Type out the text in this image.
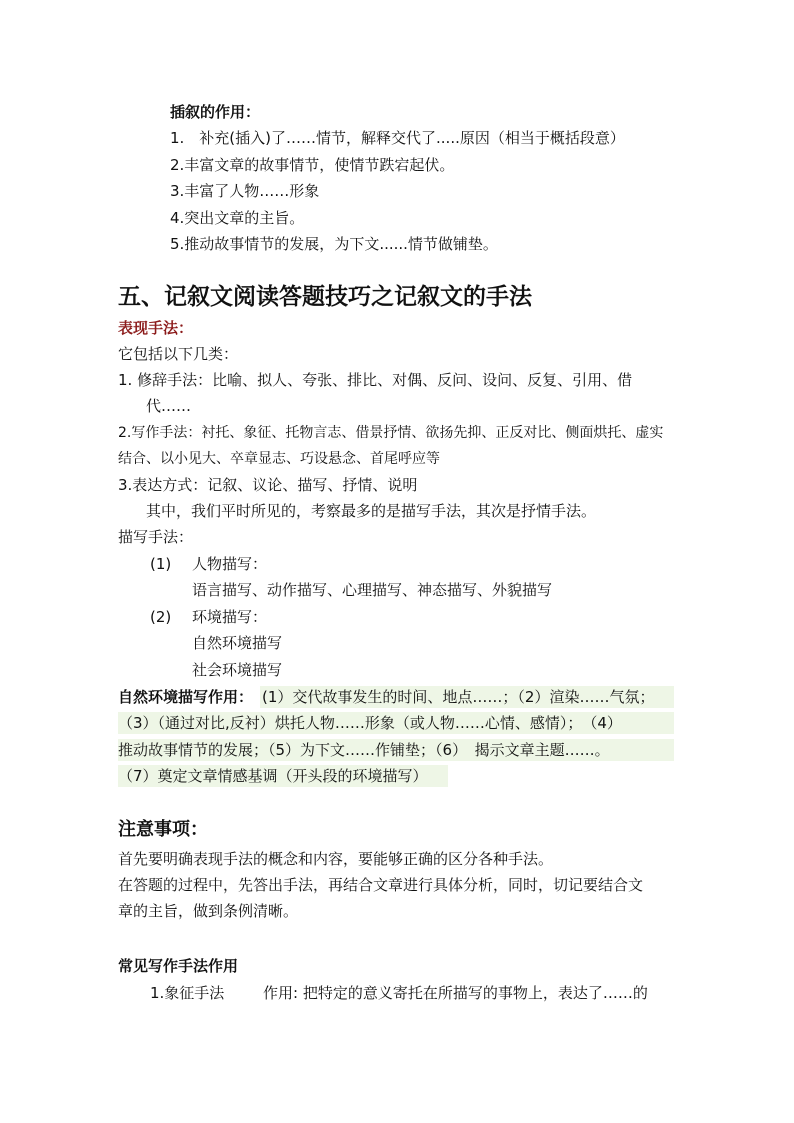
插叙的作用：
1.　补充(插入)了……情节，解释交代了.....原因（相当于概括段意）
2.丰富文章的故事情节，使情节跌宕起伏。
3.丰富了人物……形象
4.突出文章的主旨。
5.推动故事情节的发展，为下文......情节做铺垫。
五、记叙文阅读答题技巧之记叙文的手法
表现手法：
它包括以下几类：
1. 修辞手法：比喻、拟人、夸张、排比、对偶、反问、设问、反复、引用、借
代……
2.写作手法：衬托、象征、托物言志、借景抒情、欲扬先抑、正反对比、侧面烘托、虚实
结合、以小见大、卒章显志、巧设悬念、首尾呼应等
3.表达方式：记叙、议论、描写、抒情、说明
其中，我们平时所见的，考察最多的是描写手法，其次是抒情手法。
描写手法：
(1) 人物描写：
语言描写、动作描写、心理描写、神态描写、外貌描写
(2) 环境描写：
自然环境描写
社会环境描写
自然环境描写作用： (1）交代故事发生的时间、地点……；（2）渲染……气氛；
（3）（通过对比,反衬）烘托人物……形象（或人物……心情、感情）；　（4）
推动故事情节的发展；（5）为下文……作铺垫；（6）　揭示文章主题……。
（7）奠定文章情感基调（开头段的环境描写）
注意事项：
首先要明确表现手法的概念和内容，要能够正确的区分各种手法。
在答题的过程中，先答出手法，再结合文章进行具体分析，同时，切记要结合文
章的主旨，做到条例清晰。
常见写作手法作用
1.象征手法	作用: 把特定的意义寄托在所描写的事物上，表达了……的
